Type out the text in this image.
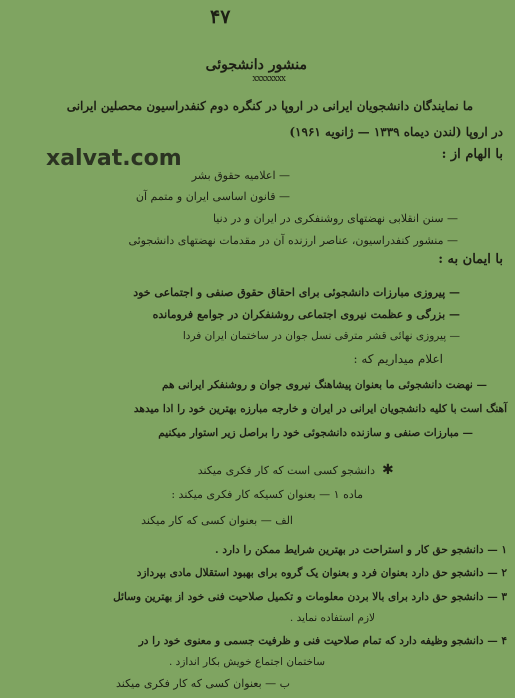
۴۷
منشور دانشجوئی
xxxxxxxx
ما نمایندگان دانشجویان ایرانی در اروپا در کنگره دوم کنفدراسیون محصلین ایرانی
در اروپا (لندن دیماه ۱۳۳۹ — ژانویه ۱۹۶۱)
xalvat.com	با الهام از :
— اعلامیه حقوق بشر
— قانون اساسی ایران و متمم آن
— سنن انقلابی نهضتهای روشنفکری در ایران و در دنیا
— منشور کنفدراسیون، عناصر ارزنده آن در مقدمات نهضتهای دانشجوئی
با ایمان به :
— پیروزی مبارزات دانشجوئی برای احقاق حقوق صنفی و اجتماعی خود
— بزرگی و عظمت نیروی اجتماعی روشنفکران در جوامع فرومانده
— پیروزی نهائی قشر مترقی نسل جوان در ساختمان ایران فردا
اعلام میداریم که :
— نهضت دانشجوئی ما بعنوان پیشاهنگ نیروی جوان و روشنفکر ایرانی هم
آهنگ است با کلیه دانشجویان ایرانی در ایران و خارجه مبارزه بهترین خود را ادا میدهد
— مبارزات صنفی و سازنده دانشجوئی خود را براصل زیر استوار میکنیم
✱
دانشجو کسی است که کار فکری میکند
ماده ۱ — بعنوان کسیکه کار فکری میکند :
الف — بعنوان کسی که کار میکند
۱ — دانشجو حق کار و استراحت در بهترین شرایط ممکن را دارد .
۲ — دانشجو حق دارد بعنوان فرد و بعنوان یک گروه برای بهبود استقلال مادی بپردازد
۳ — دانشجو حق دارد برای بالا بردن معلومات و تکمیل صلاحیت فنی خود از بهترین وسائل
لازم استفاده نماید .
۴ — دانشجو وظیفه دارد که تمام صلاحیت فنی و ظرفیت جسمی و معنوی خود را در
ساختمان اجتماع خویش بکار اندازد .
ب — بعنوان کسی که کار فکری میکند
